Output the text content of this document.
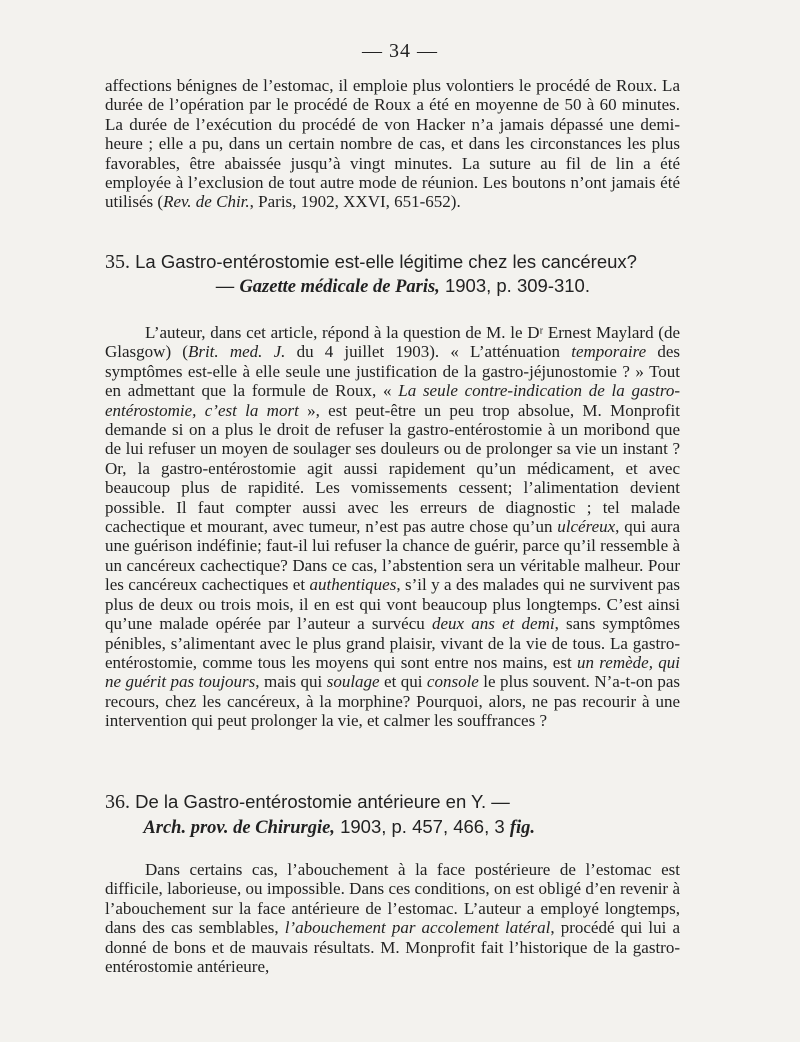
— 34 —

affections bénignes de l’estomac, il emploie plus volontiers le procédé de Roux. La durée de l’opération par le procédé de Roux a été en moyenne de 50 à 60 minutes. La durée de l’exécution du procédé de von Hacker n’a jamais dépassé une demi-heure ; elle a pu, dans un certain nombre de cas, et dans les circonstances les plus favorables, être abaissée jusqu’à vingt minutes. La suture au fil de lin a été employée à l’exclusion de tout autre mode de réunion. Les boutons n’ont jamais été utilisés (Rev. de Chir., Paris, 1902, XXVI, 651-652).

35. La Gastro-entérostomie est-elle légitime chez les cancéreux?
— Gazette médicale de Paris, 1903, p. 309-310.

L’auteur, dans cet article, répond à la question de M. le Dʳ Ernest Maylard (de Glasgow) (Brit. med. J. du 4 juillet 1903). « L’atténuation temporaire des symptômes est-elle à elle seule une justification de la gastro-jéjunostomie ? » Tout en admettant que la formule de Roux, « La seule contre-indication de la gastro-entérostomie, c’est la mort », est peut-être un peu trop absolue, M. Monprofit demande si on a plus le droit de refuser la gastro-entérostomie à un moribond que de lui refuser un moyen de soulager ses douleurs ou de prolonger sa vie un instant ? Or, la gastro-entérostomie agit aussi rapidement qu’un médicament, et avec beaucoup plus de rapidité. Les vomissements cessent; l’alimentation devient possible. Il faut compter aussi avec les erreurs de diagnostic ; tel malade cachectique et mourant, avec tumeur, n’est pas autre chose qu’un ulcéreux, qui aura une guérison indéfinie; faut-il lui refuser la chance de guérir, parce qu’il ressemble à un cancéreux cachectique? Dans ce cas, l’abstention sera un véritable malheur. Pour les cancéreux cachectiques et authentiques, s’il y a des malades qui ne survivent pas plus de deux ou trois mois, il en est qui vont beaucoup plus longtemps. C’est ainsi qu’une malade opérée par l’auteur a survécu deux ans et demi, sans symptômes pénibles, s’alimentant avec le plus grand plaisir, vivant de la vie de tous. La gastro-entérostomie, comme tous les moyens qui sont entre nos mains, est un remède, qui ne guérit pas toujours, mais qui soulage et qui console le plus souvent. N’a-t-on pas recours, chez les cancéreux, à la morphine? Pourquoi, alors, ne pas recourir à une intervention qui peut prolonger la vie, et calmer les souffrances ?

36. De la Gastro-entérostomie antérieure en Y. —
Arch. prov. de Chirurgie, 1903, p. 457, 466, 3 fig.

Dans certains cas, l’abouchement à la face postérieure de l’estomac est difficile, laborieuse, ou impossible. Dans ces conditions, on est obligé d’en revenir à l’abouchement sur la face antérieure de l’estomac. L’auteur a employé longtemps, dans des cas semblables, l’abouchement par accolement latéral, procédé qui lui a donné de bons et de mauvais résultats. M. Monprofit fait l’historique de la gastro-entérostomie antérieure,
